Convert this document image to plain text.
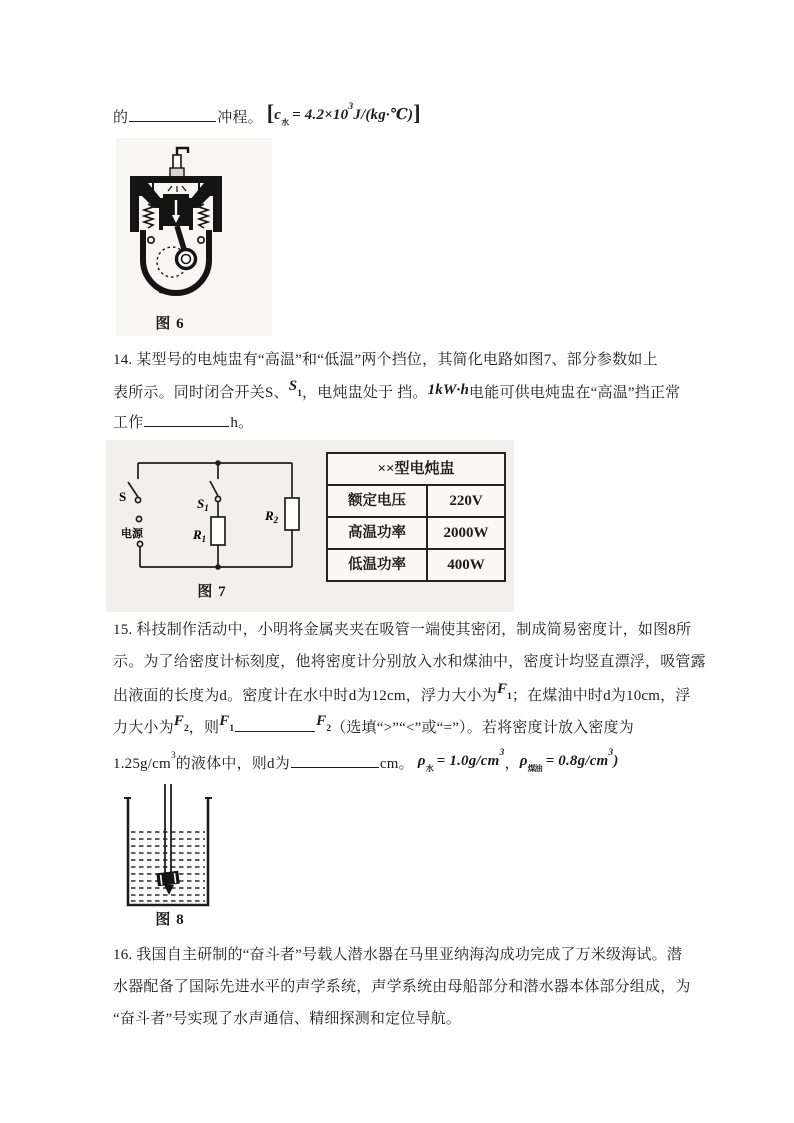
的	冲程。 [$c_水$ = $4.2\times 10^3J/(kg\cdot℃)$]
图 6
14. 某型号的电炖盅有“高温”和“低温”两个挡位，其简化电路如图7、部分参数如上
表所示。同时闭合开关S、$S_1$，电炖盅处于 挡。1kW·h电能可供电炖盅在“高温”挡正常
工作	h。
S	$S_1$
$R_1$
$R_2$
电源
图 7
××型电炖盅
额定电压	220V
高温功率	2000W
低温功率	400W
15. 科技制作活动中，小明将金属夹夹在吸管一端使其密闭，制成简易密度计，如图8所
示。为了给密度计标刻度，他将密度计分别放入水和煤油中，密度计均竖直漂浮，吸管露
出液面的长度为d。密度计在水中时d为12cm，浮力大小为$F_1$；在煤油中时d为10cm，浮
力大小为$F_2$，则$F_1$	$F_2$（选填“>”“<”或“=”）。若将密度计放入密度为
$1.25g/cm^3$的液体中，则d为	cm。 $\rho_水 = 1.0g/cm^3$，$\rho_{煤油} = 0.8g/cm^3$)
图 8
16. 我国自主研制的“奋斗者”号载人潜水器在马里亚纳海沟成功完成了万米级海试。潜
水器配备了国际先进水平的声学系统，声学系统由母船部分和潜水器本体部分组成，为
“奋斗者”号实现了水声通信、精细探测和定位导航。
